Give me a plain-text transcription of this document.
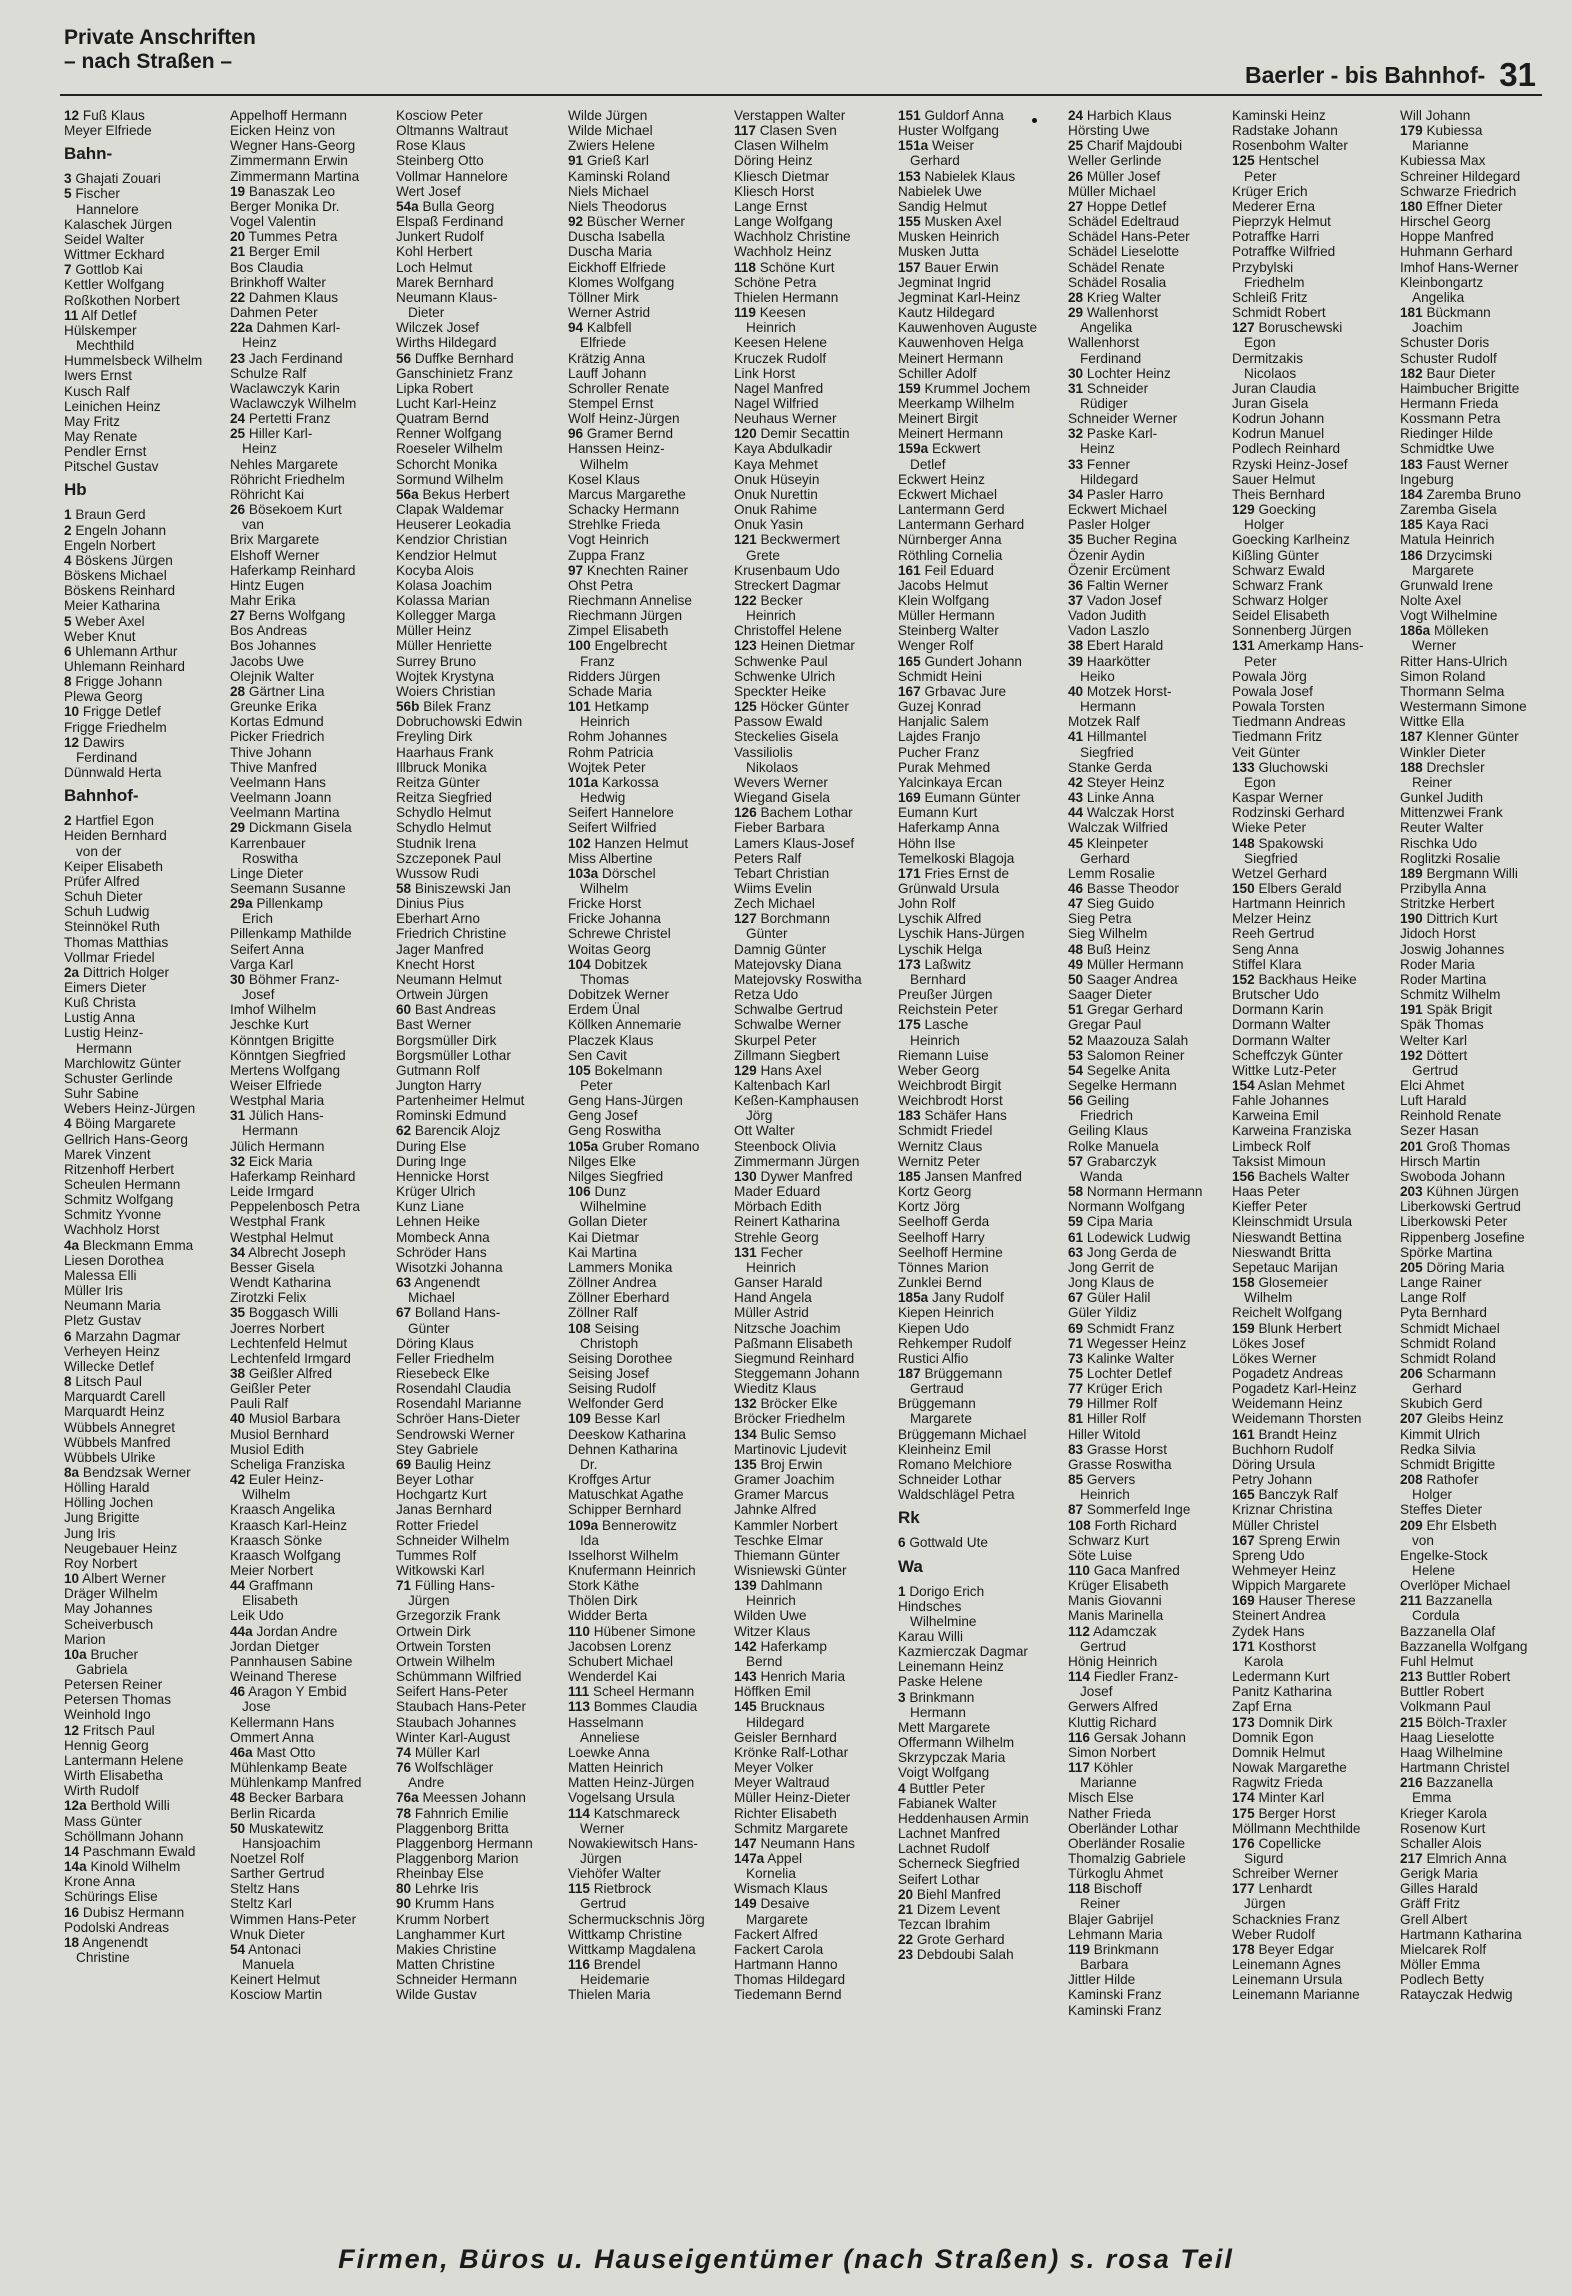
Private Anschriften
– nach Straßen –
Baerler - bis Bahnhof- 31
12 Fuß Klaus
Meyer Elfriede
Bahn-
3 Ghajati Zouari
5 Fischer
Hannelore
Kalaschek Jürgen
Seidel Walter
Wittmer Eckhard
7 Gottlob Kai
Kettler Wolfgang
Roßkothen Norbert
11 Alf Detlef
Hülskemper
Mechthild
Hummelsbeck Wilhelm
Iwers Ernst
Kusch Ralf
Leinichen Heinz
May Fritz
May Renate
Pendler Ernst
Pitschel Gustav
Hb
1 Braun Gerd
2 Engeln Johann
Engeln Norbert
4 Böskens Jürgen
Böskens Michael
Böskens Reinhard
Meier Katharina
5 Weber Axel
Weber Knut
6 Uhlemann Arthur
Uhlemann Reinhard
8 Frigge Johann
Plewa Georg
10 Frigge Detlef
Frigge Friedhelm
12 Dawirs
Ferdinand
Dünnwald Herta
Bahnhof-
2 Hartfiel Egon
Heiden Bernhard
von der
Keiper Elisabeth
Prüfer Alfred
Schuh Dieter
Schuh Ludwig
Steinnökel Ruth
Thomas Matthias
Vollmar Friedel
2a Dittrich Holger
Eimers Dieter
Kuß Christa
Lustig Anna
Lustig Heinz-
Hermann
Marchlowitz Günter
Schuster Gerlinde
Suhr Sabine
Webers Heinz-Jürgen
4 Böing Margarete
Gellrich Hans-Georg
Marek Vinzent
Ritzenhoff Herbert
Scheulen Hermann
Schmitz Wolfgang
Schmitz Yvonne
Wachholz Horst
4a Bleckmann Emma
Liesen Dorothea
Malessa Elli
Müller Iris
Neumann Maria
Pletz Gustav
6 Marzahn Dagmar
Verheyen Heinz
Willecke Detlef
8 Litsch Paul
Marquardt Carell
Marquardt Heinz
Wübbels Annegret
Wübbels Manfred
Wübbels Ulrike
8a Bendzsak Werner
Hölling Harald
Hölling Jochen
Jung Brigitte
Jung Iris
Neugebauer Heinz
Roy Norbert
10 Albert Werner
Dräger Wilhelm
May Johannes
Scheiverbusch
Marion
10a Brucher
Gabriela
Petersen Reiner
Petersen Thomas
Weinhold Ingo
12 Fritsch Paul
Hennig Georg
Lantermann Helene
Wirth Elisabetha
Wirth Rudolf
12a Berthold Willi
Mass Günter
Schöllmann Johann
14 Paschmann Ewald
14a Kinold Wilhelm
Krone Anna
Schürings Elise
16 Dubisz Hermann
Podolski Andreas
18 Angenendt
Christine
Appelhoff Hermann
Eicken Heinz von
Wegner Hans-Georg
Zimmermann Erwin
Zimmermann Martina
19 Banaszak Leo
Berger Monika Dr.
Vogel Valentin
20 Tummes Petra
21 Berger Emil
Bos Claudia
Brinkhoff Walter
22 Dahmen Klaus
Dahmen Peter
22a Dahmen Karl-
Heinz
23 Jach Ferdinand
Schulze Ralf
Waclawczyk Karin
Waclawczyk Wilhelm
24 Pertetti Franz
25 Hiller Karl-
Heinz
Nehles Margarete
Röhricht Friedhelm
Röhricht Kai
26 Bösekoem Kurt
van
Brix Margarete
Elshoff Werner
Haferkamp Reinhard
Hintz Eugen
Mahr Erika
27 Berns Wolfgang
Bos Andreas
Bos Johannes
Jacobs Uwe
Olejnik Walter
28 Gärtner Lina
Greunke Erika
Kortas Edmund
Picker Friedrich
Thive Johann
Thive Manfred
Veelmann Hans
Veelmann Joann
Veelmann Martina
29 Dickmann Gisela
Karrenbauer
Roswitha
Linge Dieter
Seemann Susanne
29a Pillenkamp
Erich
Pillenkamp Mathilde
Seifert Anna
Varga Karl
30 Böhmer Franz-
Josef
Imhof Wilhelm
Jeschke Kurt
Könntgen Brigitte
Könntgen Siegfried
Mertens Wolfgang
Weiser Elfriede
Westphal Maria
31 Jülich Hans-
Hermann
Jülich Hermann
32 Eick Maria
Haferkamp Reinhard
Leide Irmgard
Peppelenbosch Petra
Westphal Frank
Westphal Helmut
34 Albrecht Joseph
Besser Gisela
Wendt Katharina
Zirotzki Felix
35 Boggasch Willi
Joerres Norbert
Lechtenfeld Helmut
Lechtenfeld Irmgard
38 Geißler Alfred
Geißler Peter
Pauli Ralf
40 Musiol Barbara
Musiol Bernhard
Musiol Edith
Scheliga Franziska
42 Euler Heinz-
Wilhelm
Kraasch Angelika
Kraasch Karl-Heinz
Kraasch Sönke
Kraasch Wolfgang
Meier Norbert
44 Graffmann
Elisabeth
Leik Udo
44a Jordan Andre
Jordan Dietger
Pannhausen Sabine
Weinand Therese
46 Aragon Y Embid
Jose
Kellermann Hans
Ommert Anna
46a Mast Otto
Mühlenkamp Beate
Mühlenkamp Manfred
48 Becker Barbara
Berlin Ricarda
50 Muskatewitz
Hansjoachim
Noetzel Rolf
Sarther Gertrud
Steltz Hans
Steltz Karl
Wimmen Hans-Peter
Wnuk Dieter
54 Antonaci
Manuela
Keinert Helmut
Kosciow Martin
Kosciow Peter
Oltmanns Waltraut
Rose Klaus
Steinberg Otto
Vollmar Hannelore
Wert Josef
54a Bulla Georg
Elspaß Ferdinand
Junkert Rudolf
Kohl Herbert
Loch Helmut
Marek Bernhard
Neumann Klaus-
Dieter
Wilczek Josef
Wirths Hildegard
56 Duffke Bernhard
Ganschinietz Franz
Lipka Robert
Lucht Karl-Heinz
Quatram Bernd
Renner Wolfgang
Roeseler Wilhelm
Schorcht Monika
Sormund Wilhelm
56a Bekus Herbert
Clapak Waldemar
Heuserer Leokadia
Kendzior Christian
Kendzior Helmut
Kocyba Alois
Kolasa Joachim
Kolassa Marian
Kollegger Marga
Müller Heinz
Müller Henriette
Surrey Bruno
Wojtek Krystyna
Woiers Christian
56b Bilek Franz
Dobruchowski Edwin
Freyling Dirk
Haarhaus Frank
Illbruck Monika
Reitza Günter
Reitza Siegfried
Schydlo Helmut
Schydlo Helmut
Studnik Irena
Szczeponek Paul
Wussow Rudi
58 Biniszewski Jan
Dinius Pius
Eberhart Arno
Friedrich Christine
Jager Manfred
Knecht Horst
Neumann Helmut
Ortwein Jürgen
60 Bast Andreas
Bast Werner
Borgsmüller Dirk
Borgsmüller Lothar
Gutmann Rolf
Jungton Harry
Partenheimer Helmut
Rominski Edmund
62 Barencik Alojz
During Else
During Inge
Hennicke Horst
Krüger Ulrich
Kunz Liane
Lehnen Heike
Mombeck Anna
Schröder Hans
Wisotzki Johanna
63 Angenendt
Michael
67 Bolland Hans-
Günter
Döring Klaus
Feller Friedhelm
Riesebeck Elke
Rosendahl Claudia
Rosendahl Marianne
Schröer Hans-Dieter
Sendrowski Werner
Stey Gabriele
69 Baulig Heinz
Beyer Lothar
Hochgartz Kurt
Janas Bernhard
Rotter Friedel
Schneider Wilhelm
Tummes Rolf
Witkowski Karl
71 Fülling Hans-
Jürgen
Grzegorzik Frank
Ortwein Dirk
Ortwein Torsten
Ortwein Wilhelm
Schümmann Wilfried
Seifert Hans-Peter
Staubach Hans-Peter
Staubach Johannes
Winter Karl-August
74 Müller Karl
76 Wolfschläger
Andre
76a Meessen Johann
78 Fahnrich Emilie
Plaggenborg Britta
Plaggenborg Hermann
Plaggenborg Marion
Rheinbay Else
80 Lehrke Iris
90 Krumm Hans
Krumm Norbert
Langhammer Kurt
Makies Christine
Matten Christine
Schneider Hermann
Wilde Gustav
Wilde Jürgen
Wilde Michael
Zwiers Helene
91 Grieß Karl
Kaminski Roland
Niels Michael
Niels Theodorus
92 Büscher Werner
Duscha Isabella
Duscha Maria
Eickhoff Elfriede
Klomes Wolfgang
Töllner Mirk
Werner Astrid
94 Kalbfell
Elfriede
Krätzig Anna
Lauff Johann
Schroller Renate
Stempel Ernst
Wolf Heinz-Jürgen
96 Gramer Bernd
Hanssen Heinz-
Wilhelm
Kosel Klaus
Marcus Margarethe
Schacky Hermann
Strehlke Frieda
Vogt Heinrich
Zuppa Franz
97 Knechten Rainer
Ohst Petra
Riechmann Annelise
Riechmann Jürgen
Zimpel Elisabeth
100 Engelbrecht
Franz
Ridders Jürgen
Schade Maria
101 Hetkamp
Heinrich
Rohm Johannes
Rohm Patricia
Wojtek Peter
101a Karkossa
Hedwig
Seifert Hannelore
Seifert Wilfried
102 Hanzen Helmut
Miss Albertine
103a Dörschel
Wilhelm
Fricke Horst
Fricke Johanna
Schrewe Christel
Woitas Georg
104 Dobitzek
Thomas
Dobitzek Werner
Erdem Ünal
Köllken Annemarie
Placzek Klaus
Sen Cavit
105 Bokelmann
Peter
Geng Hans-Jürgen
Geng Josef
Geng Roswitha
105a Gruber Romano
Nilges Elke
Nilges Siegfried
106 Dunz
Wilhelmine
Gollan Dieter
Kai Dietmar
Kai Martina
Lammers Monika
Zöllner Andrea
Zöllner Eberhard
Zöllner Ralf
108 Seising
Christoph
Seising Dorothee
Seising Josef
Seising Rudolf
Welfonder Gerd
109 Besse Karl
Deeskow Katharina
Dehnen Katharina
Dr.
Kroffges Artur
Matuschkat Agathe
Schipper Bernhard
109a Bennerowitz
Ida
Isselhorst Wilhelm
Knufermann Heinrich
Stork Käthe
Thölen Dirk
Widder Berta
110 Hübener Simone
Jacobsen Lorenz
Schubert Michael
Wenderdel Kai
111 Scheel Hermann
113 Bommes Claudia
Hasselmann
Anneliese
Loewke Anna
Matten Heinrich
Matten Heinz-Jürgen
Vogelsang Ursula
114 Katschmareck
Werner
Nowakiewitsch Hans-
Jürgen
Viehöfer Walter
115 Rietbrock
Gertrud
Schermuckschnis Jörg
Wittkamp Christine
Wittkamp Magdalena
116 Brendel
Heidemarie
Thielen Maria
Verstappen Walter
117 Clasen Sven
Clasen Wilhelm
Döring Heinz
Kliesch Dietmar
Kliesch Horst
Lange Ernst
Lange Wolfgang
Wachholz Christine
Wachholz Heinz
118 Schöne Kurt
Schöne Petra
Thielen Hermann
119 Keesen
Heinrich
Keesen Helene
Kruczek Rudolf
Link Horst
Nagel Manfred
Nagel Wilfried
Neuhaus Werner
120 Demir Secattin
Kaya Abdulkadir
Kaya Mehmet
Onuk Hüseyin
Onuk Nurettin
Onuk Rahime
Onuk Yasin
121 Beckwermert
Grete
Krusenbaum Udo
Streckert Dagmar
122 Becker
Heinrich
Christoffel Helene
123 Heinen Dietmar
Schwenke Paul
Schwenke Ulrich
Speckter Heike
125 Höcker Günter
Passow Ewald
Steckelies Gisela
Vassiliolis
Nikolaos
Wevers Werner
Wiegand Gisela
126 Bachem Lothar
Fieber Barbara
Lamers Klaus-Josef
Peters Ralf
Tebart Christian
Wiims Evelin
Zech Michael
127 Borchmann
Günter
Damnig Günter
Matejovsky Diana
Matejovsky Roswitha
Retza Udo
Schwalbe Gertrud
Schwalbe Werner
Skurpel Peter
Zillmann Siegbert
129 Hans Axel
Kaltenbach Karl
Keßen-Kamphausen
Jörg
Ott Walter
Steenbock Olivia
Zimmermann Jürgen
130 Dywer Manfred
Mader Eduard
Mörbach Edith
Reinert Katharina
Strehle Georg
131 Fecher
Heinrich
Ganser Harald
Hand Angela
Müller Astrid
Nitzsche Joachim
Paßmann Elisabeth
Siegmund Reinhard
Steggemann Johann
Wieditz Klaus
132 Bröcker Elke
Bröcker Friedhelm
134 Bulic Semso
Martinovic Ljudevit
135 Broj Erwin
Gramer Joachim
Gramer Marcus
Jahnke Alfred
Kammler Norbert
Teschke Elmar
Thiemann Günter
Wisniewski Günter
139 Dahlmann
Heinrich
Wilden Uwe
Witzer Klaus
142 Haferkamp
Bernd
143 Henrich Maria
Höffken Emil
145 Brucknaus
Hildegard
Geisler Bernhard
Krönke Ralf-Lothar
Meyer Volker
Meyer Waltraud
Müller Heinz-Dieter
Richter Elisabeth
Schmitz Margarete
147 Neumann Hans
147a Appel
Kornelia
Wismach Klaus
149 Desaive
Margarete
Fackert Alfred
Fackert Carola
Hartmann Hanno
Thomas Hildegard
Tiedemann Bernd
151 Guldorf Anna
Huster Wolfgang
151a Weiser
Gerhard
153 Nabielek Klaus
Nabielek Uwe
Sandig Helmut
155 Musken Axel
Musken Heinrich
Musken Jutta
157 Bauer Erwin
Jegminat Ingrid
Jegminat Karl-Heinz
Kautz Hildegard
Kauwenhoven Auguste
Kauwenhoven Helga
Meinert Hermann
Schiller Adolf
159 Krummel Jochem
Meerkamp Wilhelm
Meinert Birgit
Meinert Hermann
159a Eckwert
Detlef
Eckwert Heinz
Eckwert Michael
Lantermann Gerd
Lantermann Gerhard
Nürnberger Anna
Röthling Cornelia
161 Feil Eduard
Jacobs Helmut
Klein Wolfgang
Müller Hermann
Steinberg Walter
Wenger Rolf
165 Gundert Johann
Schmidt Heini
167 Grbavac Jure
Guzej Konrad
Hanjalic Salem
Lajdes Franjo
Pucher Franz
Purak Mehmed
Yalcinkaya Ercan
169 Eumann Günter
Eumann Kurt
Haferkamp Anna
Höhn Ilse
Temelkoski Blagoja
171 Fries Ernst de
Grünwald Ursula
John Rolf
Lyschik Alfred
Lyschik Hans-Jürgen
Lyschik Helga
173 Laßwitz
Bernhard
Preußer Jürgen
Reichstein Peter
175 Lasche
Heinrich
Riemann Luise
Weber Georg
Weichbrodt Birgit
Weichbrodt Horst
183 Schäfer Hans
Schmidt Friedel
Wernitz Claus
Wernitz Peter
185 Jansen Manfred
Kortz Georg
Kortz Jörg
Seelhoff Gerda
Seelhoff Harry
Seelhoff Hermine
Tönnes Marion
Zunklei Bernd
185a Jany Rudolf
Kiepen Heinrich
Kiepen Udo
Rehkemper Rudolf
Rustici Alfio
187 Brüggemann
Gertraud
Brüggemann
Margarete
Brüggemann Michael
Kleinheinz Emil
Romano Melchiore
Schneider Lothar
Waldschlägel Petra
Rk
6 Gottwald Ute
Wa
1 Dorigo Erich
Hindsches
Wilhelmine
Karau Willi
Kazmierczak Dagmar
Leinemann Heinz
Paske Helene
3 Brinkmann
Hermann
Mett Margarete
Offermann Wilhelm
Skrzypczak Maria
Voigt Wolfgang
4 Buttler Peter
Fabianek Walter
Heddenhausen Armin
Lachnet Manfred
Lachnet Rudolf
Scherneck Siegfried
Seifert Lothar
20 Biehl Manfred
21 Dizem Levent
Tezcan Ibrahim
22 Grote Gerhard
23 Debdoubi Salah
24 Harbich Klaus
Hörsting Uwe
25 Charif Majdoubi
Weller Gerlinde
26 Müller Josef
Müller Michael
27 Hoppe Detlef
Schädel Edeltraud
Schädel Hans-Peter
Schädel Lieselotte
Schädel Renate
Schädel Rosalia
28 Krieg Walter
29 Wallenhorst
Angelika
Wallenhorst
Ferdinand
30 Lochter Heinz
31 Schneider
Rüdiger
Schneider Werner
32 Paske Karl-
Heinz
33 Fenner
Hildegard
34 Pasler Harro
Eckwert Michael
Pasler Holger
35 Bucher Regina
Özenir Aydin
Özenir Ercüment
36 Faltin Werner
37 Vadon Josef
Vadon Judith
Vadon Laszlo
38 Ebert Harald
39 Haarkötter
Heiko
40 Motzek Horst-
Hermann
Motzek Ralf
41 Hillmantel
Siegfried
Stanke Gerda
42 Steyer Heinz
43 Linke Anna
44 Walczak Horst
Walczak Wilfried
45 Kleinpeter
Gerhard
Lemm Rosalie
46 Basse Theodor
47 Sieg Guido
Sieg Petra
Sieg Wilhelm
48 Buß Heinz
49 Müller Hermann
50 Saager Andrea
Saager Dieter
51 Gregar Gerhard
Gregar Paul
52 Maazouza Salah
53 Salomon Reiner
54 Segelke Anita
Segelke Hermann
56 Geiling
Friedrich
Geiling Klaus
Rolke Manuela
57 Grabarczyk
Wanda
58 Normann Hermann
Normann Wolfgang
59 Cipa Maria
61 Lodewick Ludwig
63 Jong Gerda de
Jong Gerrit de
Jong Klaus de
67 Güler Halil
Güler Yildiz
69 Schmidt Franz
71 Wegesser Heinz
73 Kalinke Walter
75 Lochter Detlef
77 Krüger Erich
79 Hillmer Rolf
81 Hiller Rolf
Hiller Witold
83 Grasse Horst
Grasse Roswitha
85 Gervers
Heinrich
87 Sommerfeld Inge
108 Forth Richard
Schwarz Kurt
Söte Luise
110 Gaca Manfred
Krüger Elisabeth
Manis Giovanni
Manis Marinella
112 Adamczak
Gertrud
Hönig Heinrich
114 Fiedler Franz-
Josef
Gerwers Alfred
Kluttig Richard
116 Gersak Johann
Simon Norbert
117 Köhler
Marianne
Misch Else
Nather Frieda
Oberländer Lothar
Oberländer Rosalie
Thomalzig Gabriele
Türkoglu Ahmet
118 Bischoff
Reiner
Blajer Gabrijel
Lehmann Maria
119 Brinkmann
Barbara
Jittler Hilde
Kaminski Franz
Kaminski Franz
Kaminski Heinz
Radstake Johann
Rosenbohm Walter
125 Hentschel
Peter
Krüger Erich
Mederer Erna
Pieprzyk Helmut
Potraffke Harri
Potraffke Wilfried
Przybylski
Friedhelm
Schleiß Fritz
Schmidt Robert
127 Boruschewski
Egon
Dermitzakis
Nicolaos
Juran Claudia
Juran Gisela
Kodrun Johann
Kodrun Manuel
Podlech Reinhard
Rzyski Heinz-Josef
Sauer Helmut
Theis Bernhard
129 Goecking
Holger
Goecking Karlheinz
Kißling Günter
Schwarz Ewald
Schwarz Frank
Schwarz Holger
Seidel Elisabeth
Sonnenberg Jürgen
131 Amerkamp Hans-
Peter
Powala Jörg
Powala Josef
Powala Torsten
Tiedmann Andreas
Tiedmann Fritz
Veit Günter
133 Gluchowski
Egon
Kaspar Werner
Rodzinski Gerhard
Wieke Peter
148 Spakowski
Siegfried
Wetzel Gerhard
150 Elbers Gerald
Hartmann Heinrich
Melzer Heinz
Reeh Gertrud
Seng Anna
Stiffel Klara
152 Backhaus Heike
Brutscher Udo
Dormann Karin
Dormann Walter
Dormann Walter
Scheffczyk Günter
Wittke Lutz-Peter
154 Aslan Mehmet
Fahle Johannes
Karweina Emil
Karweina Franziska
Limbeck Rolf
Taksist Mimoun
156 Bachels Walter
Haas Peter
Kieffer Peter
Kleinschmidt Ursula
Nieswandt Bettina
Nieswandt Britta
Sepetauc Marijan
158 Glosemeier
Wilhelm
Reichelt Wolfgang
159 Blunk Herbert
Lökes Josef
Lökes Werner
Pogadetz Andreas
Pogadetz Karl-Heinz
Weidemann Heinz
Weidemann Thorsten
161 Brandt Heinz
Buchhorn Rudolf
Döring Ursula
Petry Johann
165 Banczyk Ralf
Kriznar Christina
Müller Christel
167 Spreng Erwin
Spreng Udo
Wehmeyer Heinz
Wippich Margarete
169 Hauser Therese
Steinert Andrea
Zydek Hans
171 Kosthorst
Karola
Ledermann Kurt
Panitz Katharina
Zapf Erna
173 Domnik Dirk
Domnik Egon
Domnik Helmut
Nowak Margarethe
Ragwitz Frieda
174 Minter Karl
175 Berger Horst
Möllmann Mechthilde
176 Copellicke
Sigurd
Schreiber Werner
177 Lenhardt
Jürgen
Schacknies Franz
Weber Rudolf
178 Beyer Edgar
Leinemann Agnes
Leinemann Ursula
Leinemann Marianne
Will Johann
179 Kubiessa
Marianne
Kubiessa Max
Schreiner Hildegard
Schwarze Friedrich
180 Effner Dieter
Hirschel Georg
Hoppe Manfred
Huhmann Gerhard
Imhof Hans-Werner
Kleinbongartz
Angelika
181 Bückmann
Joachim
Schuster Doris
Schuster Rudolf
182 Baur Dieter
Haimbucher Brigitte
Hermann Frieda
Kossmann Petra
Riedinger Hilde
Schmidtke Uwe
183 Faust Werner
Ingeburg
184 Zaremba Bruno
Zaremba Gisela
185 Kaya Raci
Matula Heinrich
186 Drzycimski
Margarete
Grunwald Irene
Nolte Axel
Vogt Wilhelmine
186a Mölleken
Werner
Ritter Hans-Ulrich
Simon Roland
Thormann Selma
Westermann Simone
Wittke Ella
187 Klenner Günter
Winkler Dieter
188 Drechsler
Reiner
Gunkel Judith
Mittenzwei Frank
Reuter Walter
Rischka Udo
Roglitzki Rosalie
189 Bergmann Willi
Przibylla Anna
Stritzke Herbert
190 Dittrich Kurt
Jidoch Horst
Joswig Johannes
Roder Maria
Roder Martina
Schmitz Wilhelm
191 Späk Brigit
Späk Thomas
Welter Karl
192 Döttert
Gertrud
Elci Ahmet
Luft Harald
Reinhold Renate
Sezer Hasan
201 Groß Thomas
Hirsch Martin
Swoboda Johann
203 Kühnen Jürgen
Liberkowski Gertrud
Liberkowski Peter
Rippenberg Josefine
Spörke Martina
205 Döring Maria
Lange Rainer
Lange Rolf
Pyta Bernhard
Schmidt Michael
Schmidt Roland
Schmidt Roland
206 Scharmann
Gerhard
Skubich Gerd
207 Gleibs Heinz
Kimmit Ulrich
Redka Silvia
Schmidt Brigitte
208 Rathofer
Holger
Steffes Dieter
209 Ehr Elsbeth
von
Engelke-Stock
Helene
Overlöper Michael
211 Bazzanella
Cordula
Bazzanella Olaf
Bazzanella Wolfgang
Fuhl Helmut
213 Buttler Robert
Buttler Robert
Volkmann Paul
215 Bölch-Traxler
Haag Lieselotte
Haag Wilhelmine
Hartmann Christel
216 Bazzanella
Emma
Krieger Karola
Rosenow Kurt
Schaller Alois
217 Elmrich Anna
Gerigk Maria
Gilles Harald
Gräff Fritz
Grell Albert
Hartmann Katharina
Mielcarek Rolf
Möller Emma
Podlech Betty
Ratayczak Hedwig
Firmen, Büros u. Hauseigentümer (nach Straßen) s. rosa Teil
